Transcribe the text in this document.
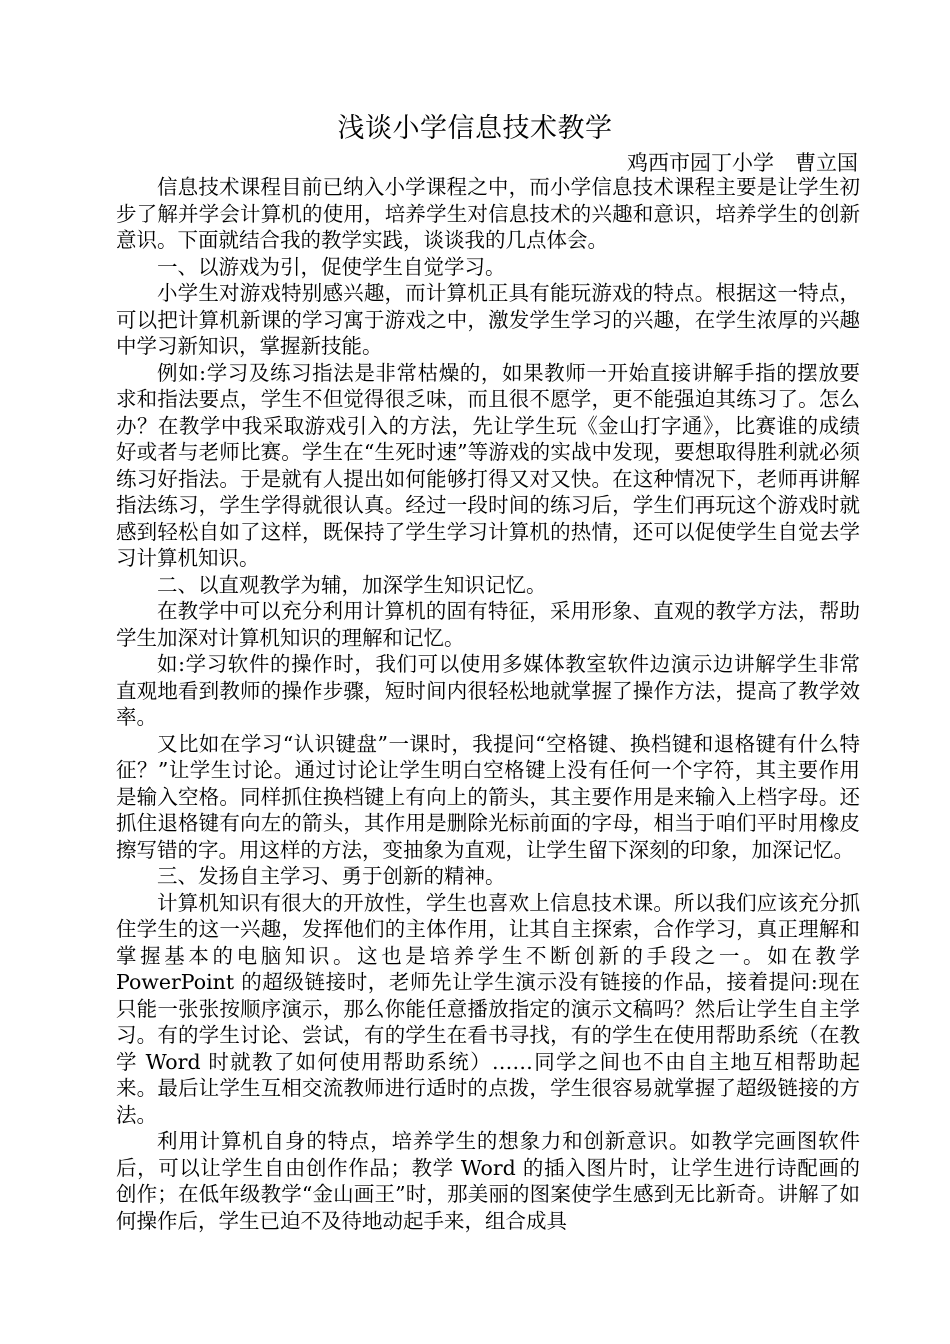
浅谈小学信息技术教学
鸡西市园丁小学　曹立国

信息技术课程目前已纳入小学课程之中，而小学信息技术课程主要是让学生初步了解并学会计算机的使用，培养学生对信息技术的兴趣和意识，培养学生的创新意识。下面就结合我的教学实践，谈谈我的几点体会。

一、以游戏为引，促使学生自觉学习。

小学生对游戏特别感兴趣，而计算机正具有能玩游戏的特点。根据这一特点，可以把计算机新课的学习寓于游戏之中，激发学生学习的兴趣，在学生浓厚的兴趣中学习新知识，掌握新技能。

例如:学习及练习指法是非常枯燥的，如果教师一开始直接讲解手指的摆放要求和指法要点，学生不但觉得很乏味，而且很不愿学，更不能强迫其练习了。怎么办？在教学中我采取游戏引入的方法，先让学生玩《金山打字通》，比赛谁的成绩好或者与老师比赛。学生在“生死时速”等游戏的实战中发现，要想取得胜利就必须练习好指法。于是就有人提出如何能够打得又对又快。在这种情况下，老师再讲解指法练习，学生学得就很认真。经过一段时间的练习后，学生们再玩这个游戏时就感到轻松自如了这样，既保持了学生学习计算机的热情，还可以促使学生自觉去学习计算机知识。

二、以直观教学为辅，加深学生知识记忆。

在教学中可以充分利用计算机的固有特征，采用形象、直观的教学方法，帮助学生加深对计算机知识的理解和记忆。

如:学习软件的操作时，我们可以使用多媒体教室软件边演示边讲解学生非常直观地看到教师的操作步骤，短时间内很轻松地就掌握了操作方法，提高了教学效率。

又比如在学习“认识键盘”一课时，我提问“空格键、换档键和退格键有什么特征？”让学生讨论。通过讨论让学生明白空格键上没有任何一个字符，其主要作用是输入空格。同样抓住换档键上有向上的箭头，其主要作用是来输入上档字母。还抓住退格键有向左的箭头，其作用是删除光标前面的字母，相当于咱们平时用橡皮擦写错的字。用这样的方法，变抽象为直观，让学生留下深刻的印象，加深记忆。

三、发扬自主学习、勇于创新的精神。

计算机知识有很大的开放性，学生也喜欢上信息技术课。所以我们应该充分抓住学生的这一兴趣，发挥他们的主体作用，让其自主探索，合作学习，真正理解和掌握基本的电脑知识。这也是培养学生不断创新的手段之一。如在教学 PowerPoint 的超级链接时，老师先让学生演示没有链接的作品，接着提问:现在只能一张张按顺序演示，那么你能任意播放指定的演示文稿吗？然后让学生自主学习。有的学生讨论、尝试，有的学生在看书寻找，有的学生在使用帮助系统（在教学 Word 时就教了如何使用帮助系统）……同学之间也不由自主地互相帮助起来。最后让学生互相交流教师进行适时的点拨，学生很容易就掌握了超级链接的方法。

利用计算机自身的特点，培养学生的想象力和创新意识。如教学完画图软件后，可以让学生自由创作作品；教学 Word 的插入图片时，让学生进行诗配画的创作；在低年级教学“金山画王”时，那美丽的图案使学生感到无比新奇。讲解了如何操作后，学生已迫不及待地动起手来，组合成具
